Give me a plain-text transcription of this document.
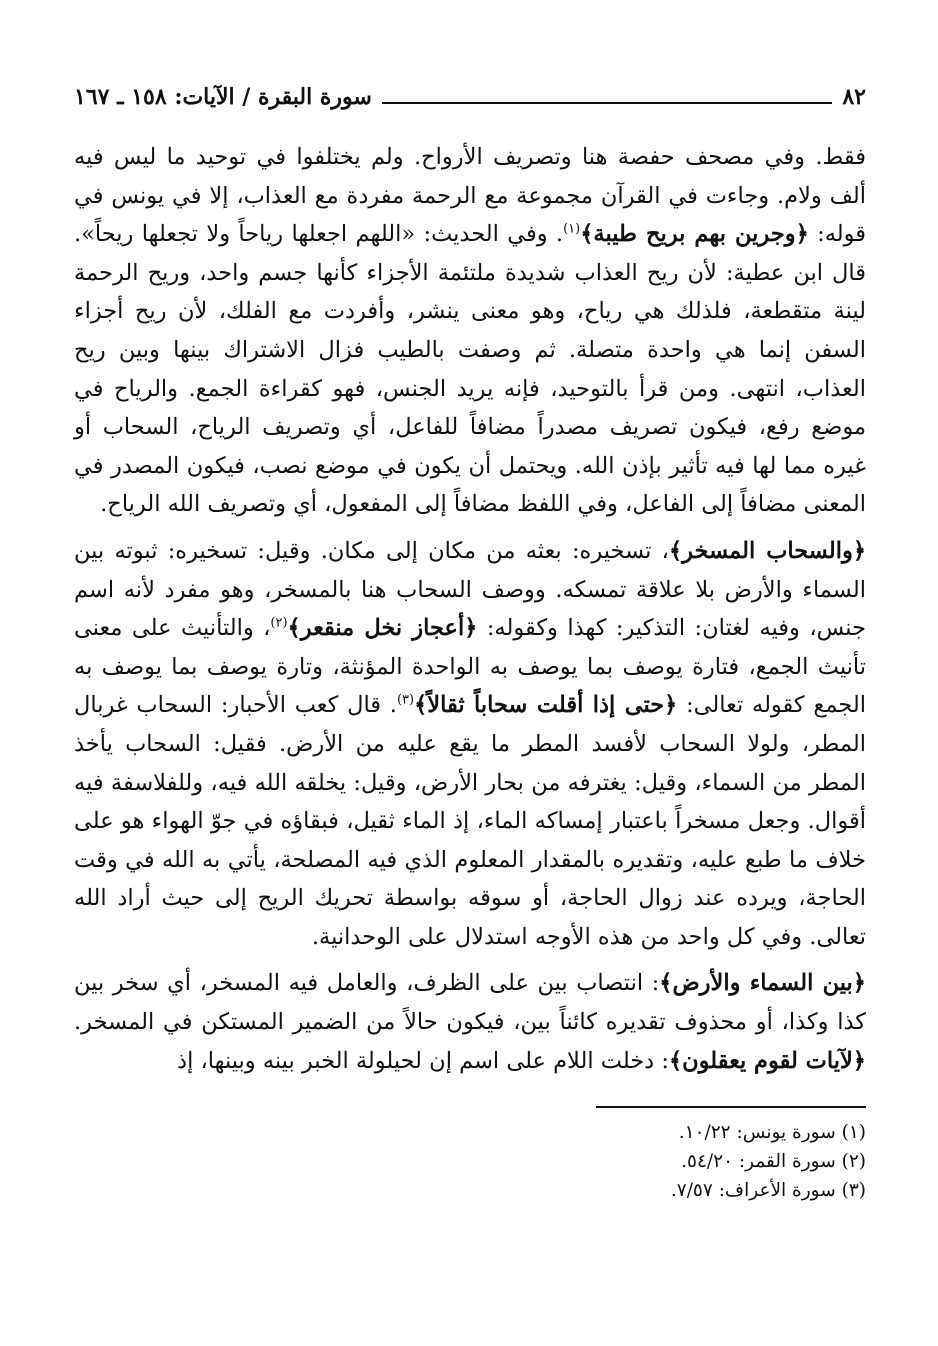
٨٢
سورة البقرة / الآيات: ١٥٨ ـ ١٦٧

فقط. وفي مصحف حفصة هنا وتصريف الأرواح. ولم يختلفوا في توحيد ما ليس فيه ألف ولام. وجاءت في القرآن مجموعة مع الرحمة مفردة مع العذاب، إلا في يونس في قوله: ﴿وجرين بهم بريح طيبة﴾$^{(١)}$. وفي الحديث: «اللهم اجعلها رياحاً ولا تجعلها ريحاً». قال ابن عطية: لأن ريح العذاب شديدة ملتئمة الأجزاء كأنها جسم واحد، وريح الرحمة لينة متقطعة، فلذلك هي رياح، وهو معنى ينشر، وأفردت مع الفلك، لأن ريح أجزاء السفن إنما هي واحدة متصلة. ثم وصفت بالطيب فزال الاشتراك بينها وبين ريح العذاب، انتهى. ومن قرأ بالتوحيد، فإنه يريد الجنس، فهو كقراءة الجمع. والرياح في موضع رفع، فيكون تصريف مصدراً مضافاً للفاعل، أي وتصريف الرياح، السحاب أو غيره مما لها فيه تأثير بإذن الله. ويحتمل أن يكون في موضع نصب، فيكون المصدر في المعنى مضافاً إلى الفاعل، وفي اللفظ مضافاً إلى المفعول، أي وتصريف الله الرياح.

﴿والسحاب المسخر﴾، تسخيره: بعثه من مكان إلى مكان. وقيل: تسخيره: ثبوته بين السماء والأرض بلا علاقة تمسكه. ووصف السحاب هنا بالمسخر، وهو مفرد لأنه اسم جنس، وفيه لغتان: التذكير: كهذا وكقوله: ﴿أعجاز نخل منقعر﴾$^{(٢)}$، والتأنيث على معنى تأنيث الجمع، فتارة يوصف بما يوصف به الواحدة المؤنثة، وتارة يوصف بما يوصف به الجمع كقوله تعالى: ﴿حتى إذا أقلت سحاباً ثقالاً﴾$^{(٣)}$. قال كعب الأحبار: السحاب غربال المطر، ولولا السحاب لأفسد المطر ما يقع عليه من الأرض. فقيل: السحاب يأخذ المطر من السماء، وقيل: يغترفه من بحار الأرض، وقيل: يخلقه الله فيه، وللفلاسفة فيه أقوال. وجعل مسخراً باعتبار إمساكه الماء، إذ الماء ثقيل، فبقاؤه في جوّ الهواء هو على خلاف ما طبع عليه، وتقديره بالمقدار المعلوم الذي فيه المصلحة، يأتي به الله في وقت الحاجة، ويرده عند زوال الحاجة، أو سوقه بواسطة تحريك الريح إلى حيث أراد الله تعالى. وفي كل واحد من هذه الأوجه استدلال على الوحدانية.

﴿بين السماء والأرض﴾: انتصاب بين على الظرف، والعامل فيه المسخر، أي سخر بين كذا وكذا، أو محذوف تقديره كائناً بين، فيكون حالاً من الضمير المستكن في المسخر. ﴿لآيات لقوم يعقلون﴾: دخلت اللام على اسم إن لحيلولة الخبر بينه وبينها، إذ

(١) سورة يونس: ١٠/٢٢.
(٢) سورة القمر: ٥٤/٢٠.
(٣) سورة الأعراف: ٧/٥٧.
